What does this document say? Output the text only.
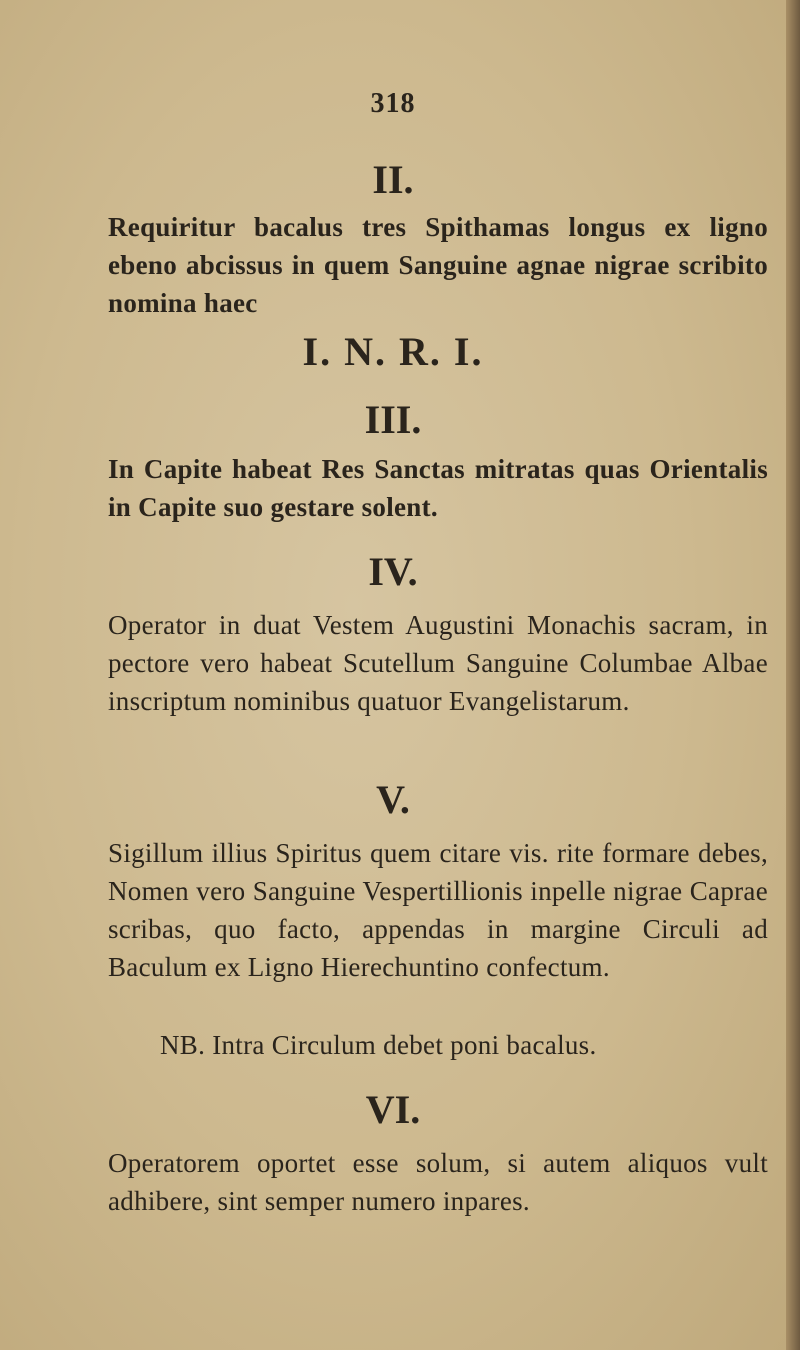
318
II.
Requiritur bacalus tres Spithamas longus ex ligno ebeno abcissus in quem Sanguine agnae nigrae scribito nomina haec
I. N. R. I.
III.
In Capite habeat Res Sanctas mitratas quas Orientalis in Capite suo gestare solent.
IV.
Operator in duat Vestem Augustini Monachis sacram, in pectore vero habeat Scutellum Sanguine Columbae Albae inscriptum nominibus quatuor Evangelistarum.
V.
Sigillum illius Spiritus quem citare vis. rite formare debes, Nomen vero Sanguine Vespertillionis inpelle nigrae Caprae scribas, quo facto, appendas in margine Circuli ad Baculum ex Ligno Hierechuntino confectum.
NB. Intra Circulum debet poni bacalus.
VI.
Operatorem oportet esse solum, si autem aliquos vult adhibere, sint semper numero inpares.
